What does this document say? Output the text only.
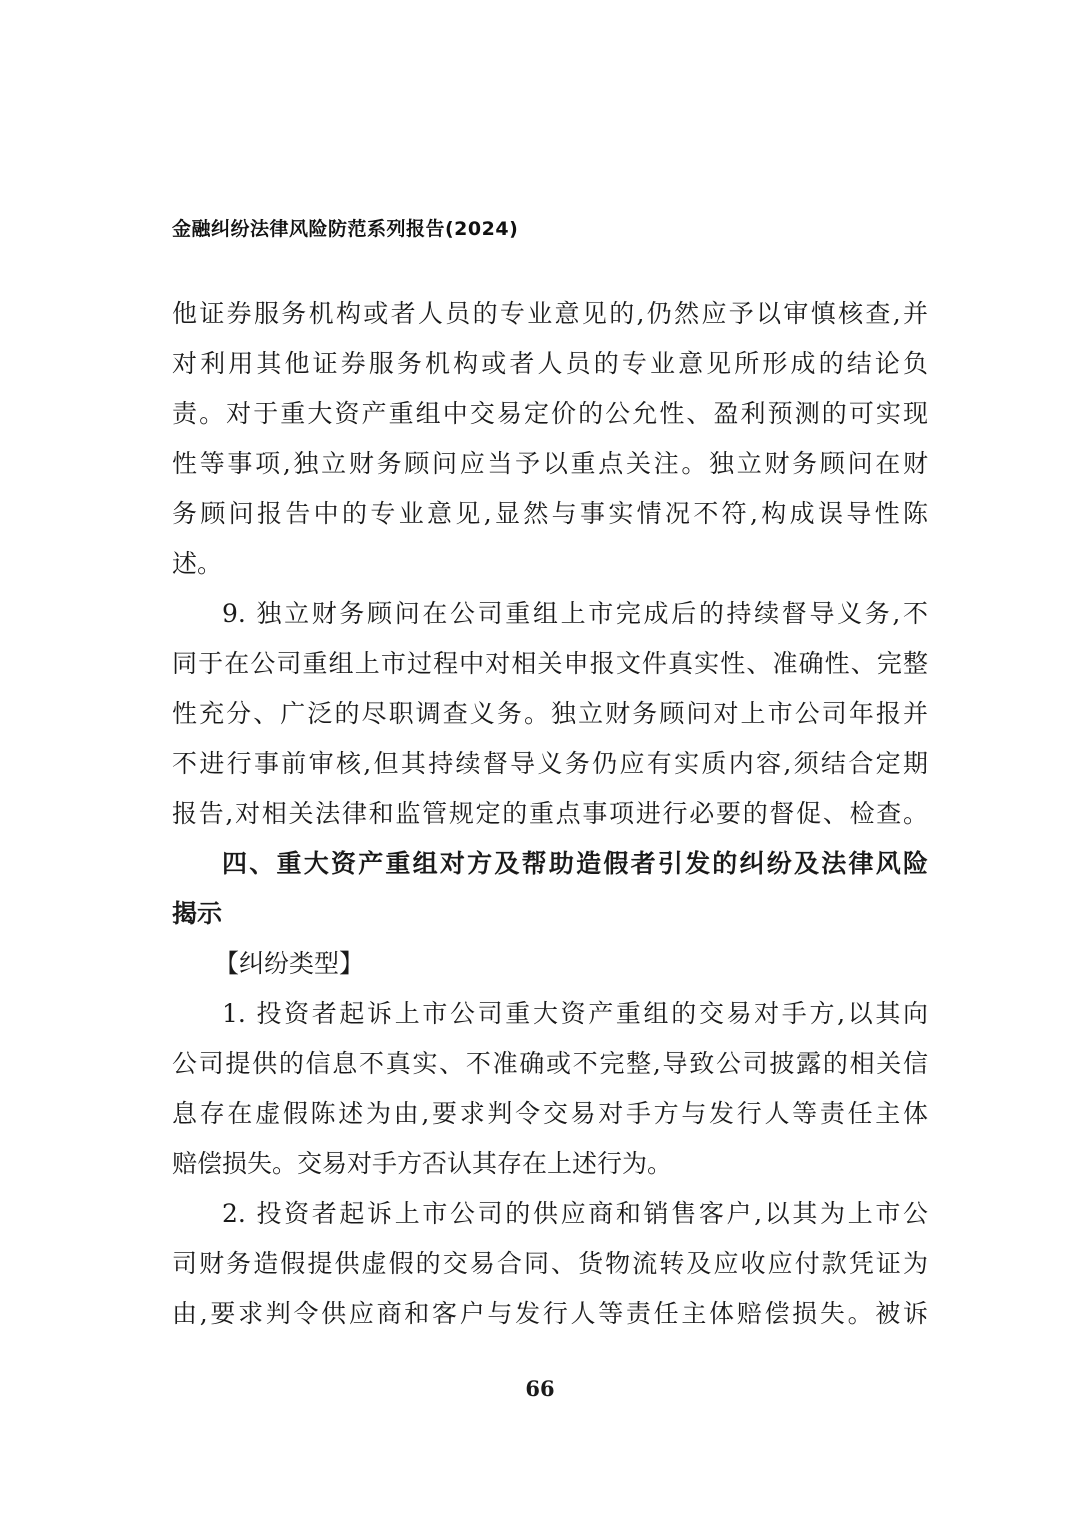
金融纠纷法律风险防范系列报告(2024)
他证券服务机构或者人员的专业意见的,仍然应予以审慎核查,并
对利用其他证券服务机构或者人员的专业意见所形成的结论负
责。对于重大资产重组中交易定价的公允性、盈利预测的可实现
性等事项,独立财务顾问应当予以重点关注。独立财务顾问在财
务顾问报告中的专业意见,显然与事实情况不符,构成误导性陈
述。
9. 独立财务顾问在公司重组上市完成后的持续督导义务,不
同于在公司重组上市过程中对相关申报文件真实性、准确性、完整
性充分、广泛的尽职调查义务。独立财务顾问对上市公司年报并
不进行事前审核,但其持续督导义务仍应有实质内容,须结合定期
报告,对相关法律和监管规定的重点事项进行必要的督促、检查。
四、重大资产重组对方及帮助造假者引发的纠纷及法律风险
揭示
【纠纷类型】
1. 投资者起诉上市公司重大资产重组的交易对手方,以其向
公司提供的信息不真实、不准确或不完整,导致公司披露的相关信
息存在虚假陈述为由,要求判令交易对手方与发行人等责任主体
赔偿损失。交易对手方否认其存在上述行为。
2. 投资者起诉上市公司的供应商和销售客户,以其为上市公
司财务造假提供虚假的交易合同、货物流转及应收应付款凭证为
由,要求判令供应商和客户与发行人等责任主体赔偿损失。被诉
66
